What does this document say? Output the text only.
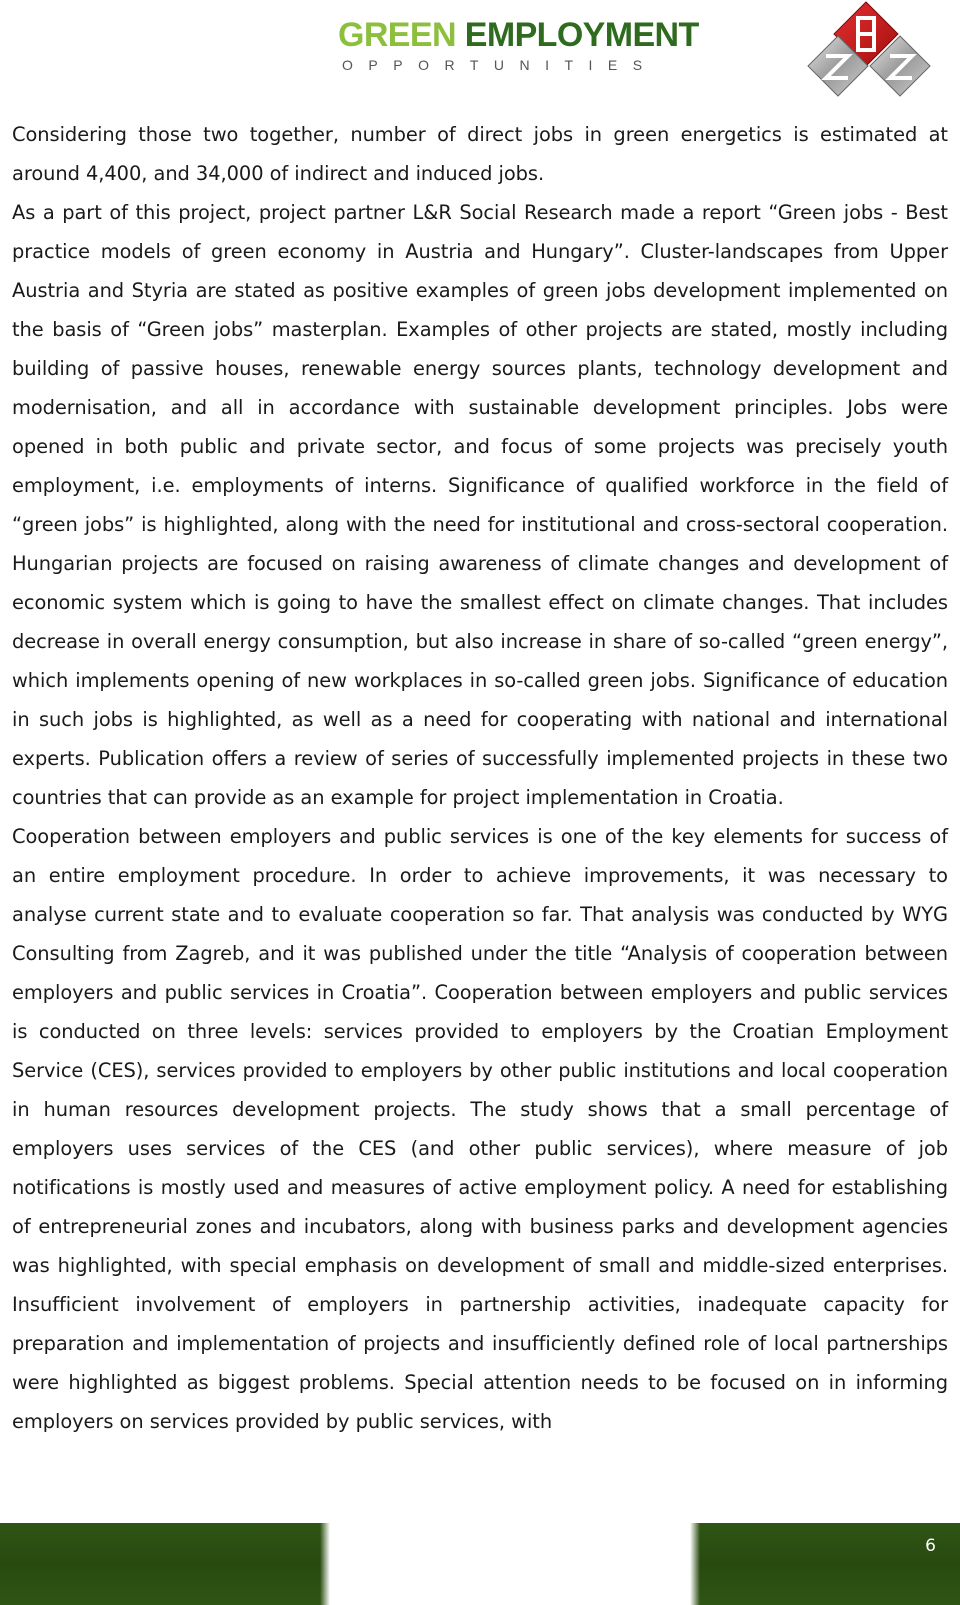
Considering those two together, number of direct jobs in green energetics is estimated at around 4,400, and 34,000 of indirect and induced jobs.

As a part of this project, project partner L&R Social Research made a report “Green jobs - Best practice models of green economy in Austria and Hungary”. Cluster-landscapes from Upper Austria and Styria are stated as positive examples of green jobs development implemented on the basis of “Green jobs” masterplan. Examples of other projects are stated, mostly including building of passive houses, renewable energy sources plants, technology development and modernisation, and all in accordance with sustainable development principles. Jobs were opened in both public and private sector, and focus of some projects was precisely youth employment, i.e. employments of interns. Significance of qualified workforce in the field of “green jobs” is highlighted, along with the need for institutional and cross-sectoral cooperation. Hungarian projects are focused on raising awareness of climate changes and development of economic system which is going to have the smallest effect on climate changes. That includes decrease in overall energy consumption, but also increase in share of so-called “green energy”, which implements opening of new workplaces in so-called green jobs. Significance of education in such jobs is highlighted, as well as a need for cooperating with national and international experts. Publication offers a review of series of successfully implemented projects in these two countries that can provide as an example for project implementation in Croatia.

Cooperation between employers and public services is one of the key elements for success of an entire employment procedure. In order to achieve improvements, it was necessary to analyse current state and to evaluate cooperation so far. That analysis was conducted by WYG Consulting from Zagreb, and it was published under the title “Analysis of cooperation between employers and public services in Croatia”. Cooperation between employers and public services is conducted on three levels: services provided to employers by the Croatian Employment Service (CES), services provided to employers by other public institutions and local cooperation in human resources development projects. The study shows that a small percentage of employers uses services of the CES (and other public services), where measure of job notifications is mostly used and measures of active employment policy. A need for establishing of entrepreneurial zones and incubators, along with business parks and development agencies was highlighted, with special emphasis on development of small and middle-sized enterprises. Insufficient involvement of employers in partnership activities, inadequate capacity for preparation and implementation of projects and insufficiently defined role of local partnerships were highlighted as biggest problems. Special attention needs to be focused on in informing employers on services provided by public services, with

GREEN EMPLOYMENT
OPPORTUNITIES
6
